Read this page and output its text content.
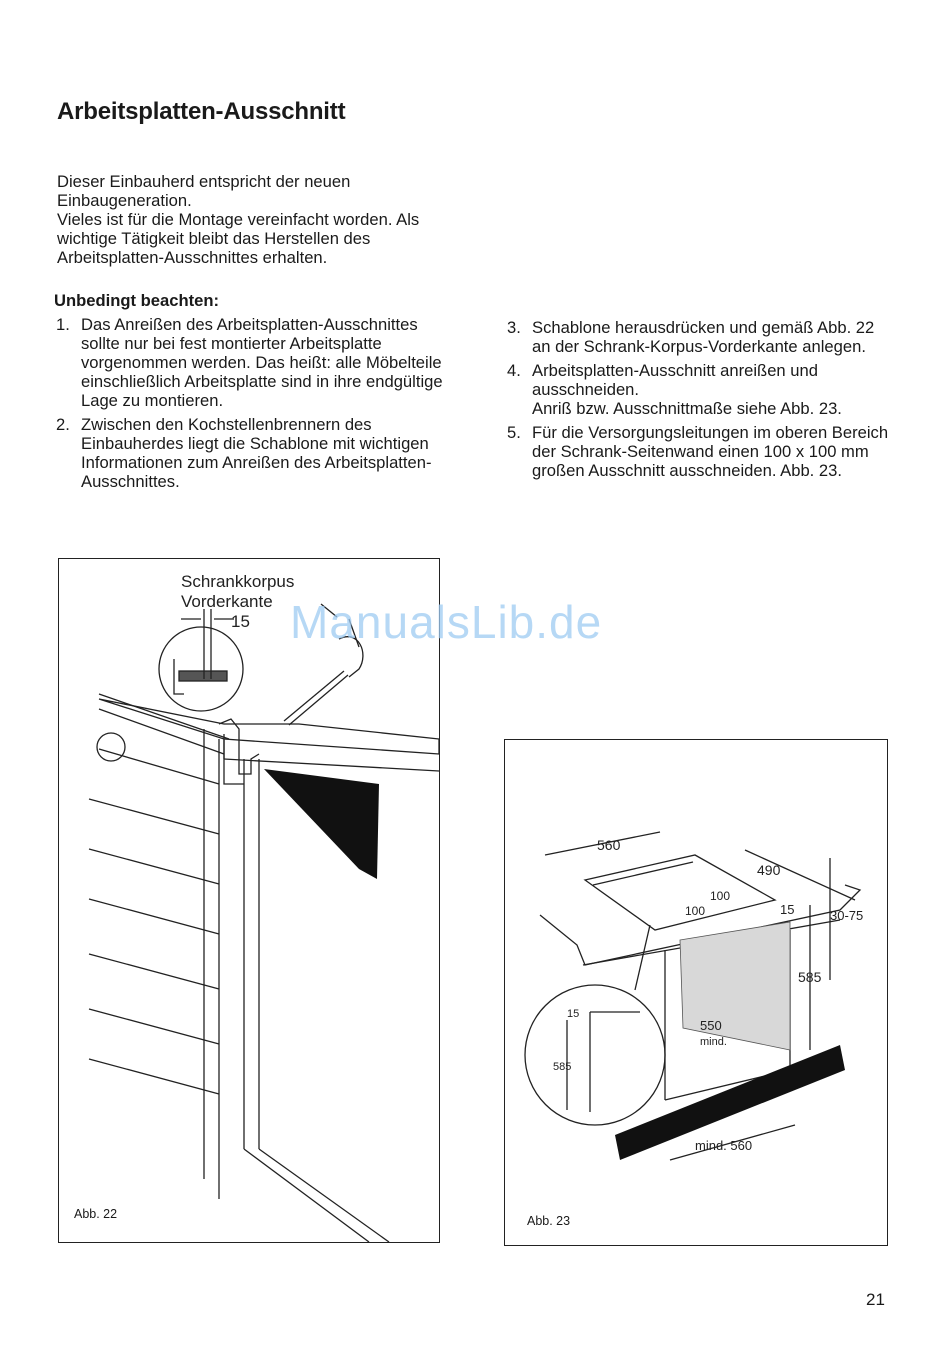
Arbeitsplatten-Ausschnitt

Dieser Einbauherd entspricht der neuen Einbaugeneration.

Vieles ist für die Montage vereinfacht worden. Als wichtige Tätigkeit bleibt das Herstellen des Arbeitsplatten-Ausschnittes erhalten.

Unbedingt beachten:
1. Das Anreißen des Arbeitsplatten-Ausschnittes sollte nur bei fest montierter Arbeitsplatte vorgenommen werden. Das heißt: alle Möbelteile einschließlich Arbeitsplatte sind in ihre endgültige Lage zu montieren.
2. Zwischen den Kochstellenbrennern des Einbauherdes liegt die Schablone mit wichtigen Informationen zum Anreißen des Arbeitsplatten-Ausschnittes.
3. Schablone herausdrücken und gemäß Abb. 22 an der Schrank-Korpus-Vorderkante anlegen.
4. Arbeitsplatten-Ausschnitt anreißen und ausschneiden.
Anriß bzw. Ausschnittmaße siehe Abb. 23.
5. Für die Versorgungsleitungen im oberen Bereich der Schrank-Seitenwand einen 100 x 100 mm großen Ausschnitt ausschneiden. Abb. 23.
Schrankkorpus
Vorderkante
15
Abb. 22
560
490
100
100	15	30-75
585
550
mind.
mind. 560
15
585
Abb. 23
ManualsLib.de
21
